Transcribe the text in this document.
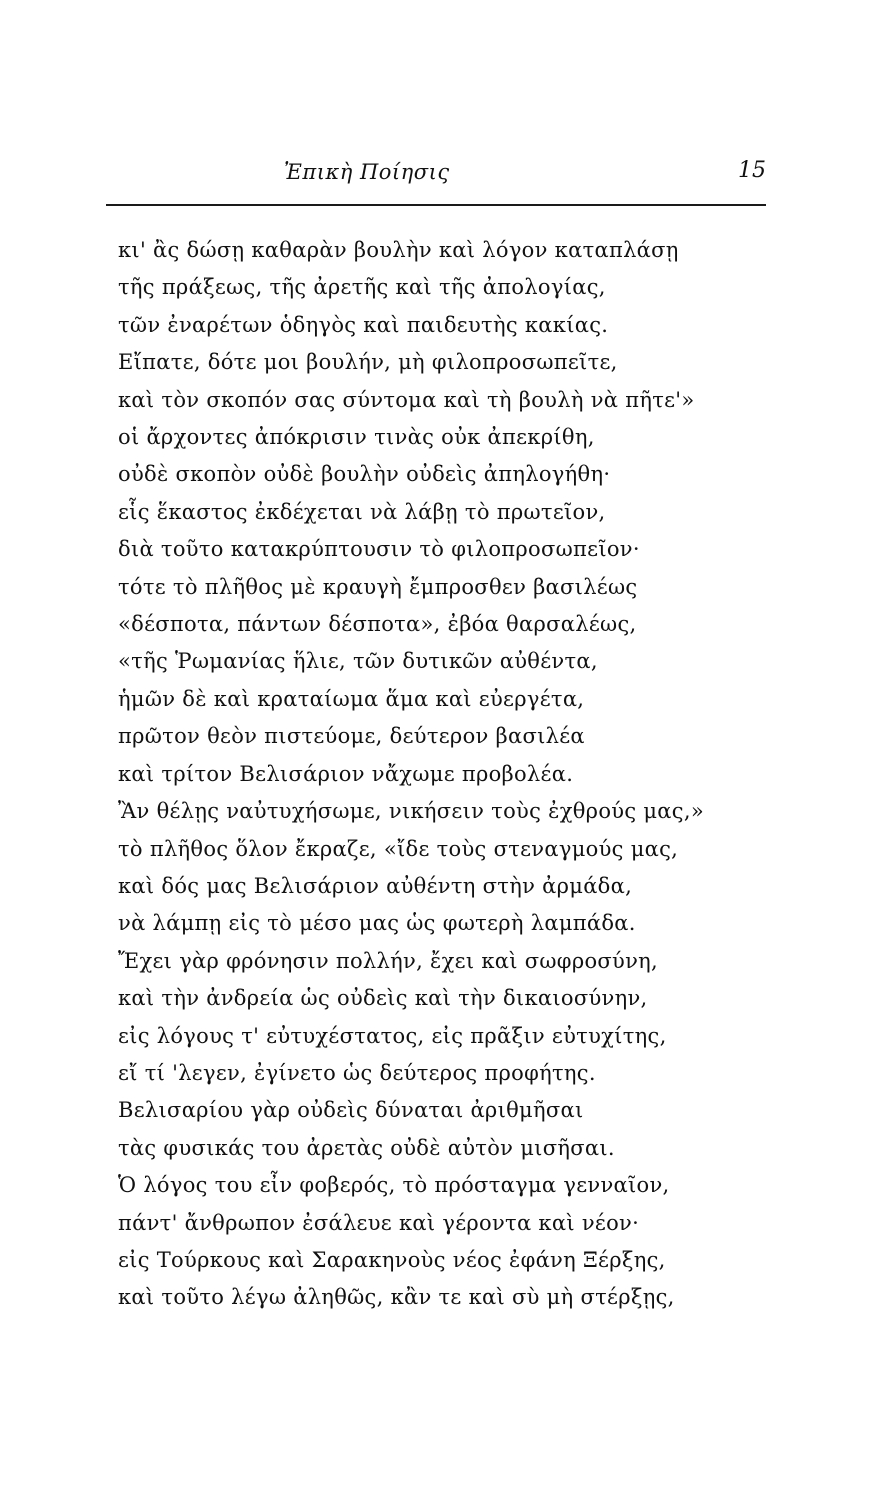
Ἐπικὴ Ποίησις	15
κι' ἂς δώσῃ καθαρὰν βουλὴν καὶ λόγον καταπλάσῃ
τῆς πράξεως, τῆς ἀρετῆς καὶ τῆς ἀπολογίας,
τῶν ἐναρέτων ὁδηγὸς καὶ παιδευτὴς κακίας.
Εἴπατε, δότε μοι βουλήν, μὴ φιλοπροσωπεῖτε,
καὶ τὸν σκοπόν σας σύντομα καὶ τὴ βουλὴ νὰ πῆτε'»
οἱ ἄρχοντες ἀπόκρισιν τινὰς οὐκ ἀπεκρίθη,
οὐδὲ σκοπὸν οὐδὲ βουλὴν οὐδεὶς ἀπηλογήθη·
εἷς ἕκαστος ἐκδέχεται νὰ λάβῃ τὸ πρωτεῖον,
διὰ τοῦτο κατακρύπτουσιν τὸ φιλοπροσωπεῖον·
τότε τὸ πλῆθος μὲ κραυγὴ ἔμπροσθεν βασιλέως
«δέσποτα, πάντων δέσποτα», ἐβόα θαρσαλέως,
«τῆς Ῥωμανίας ἥλιε, τῶν δυτικῶν αὐθέντα,
ἡμῶν δὲ καὶ κραταίωμα ἅμα καὶ εὐεργέτα,
πρῶτον θεὸν πιστεύομε, δεύτερον βασιλέα
καὶ τρίτον Βελισάριον νἄχωμε προβολέα.
Ἂν θέλῃς ναὐτυχήσωμε, νικήσειν τοὺς ἐχθρούς μας,»
τὸ πλῆθος ὅλον ἔκραζε, «ἴδε τοὺς στεναγμούς μας,
καὶ δός μας Βελισάριον αὐθέντη στὴν ἀρμάδα,
νὰ λάμπῃ εἰς τὸ μέσο μας ὡς φωτερὴ λαμπάδα.
Ἔχει γὰρ φρόνησιν πολλήν, ἔχει καὶ σωφροσύνη,
καὶ τὴν ἀνδρεία ὡς οὐδεὶς καὶ τὴν δικαιοσύνην,
εἰς λόγους τ' εὐτυχέστατος, εἰς πρᾶξιν εὐτυχίτης,
εἴ τί 'λεγεν, ἐγίνετο ὡς δεύτερος προφήτης.
Βελισαρίου γὰρ οὐδεὶς δύναται ἀριθμῆσαι
τὰς φυσικάς του ἀρετὰς οὐδὲ αὐτὸν μισῆσαι.
Ὁ λόγος του εἶν φοβερός, τὸ πρόσταγμα γενναῖον,
πάντ' ἄνθρωπον ἐσάλευε καὶ γέροντα καὶ νέον·
εἰς Τούρκους καὶ Σαρακηνοὺς νέος ἐφάνη Ξέρξης,
καὶ τοῦτο λέγω ἀληθῶς, κἂν τε καὶ σὺ μὴ στέρξῃς,
